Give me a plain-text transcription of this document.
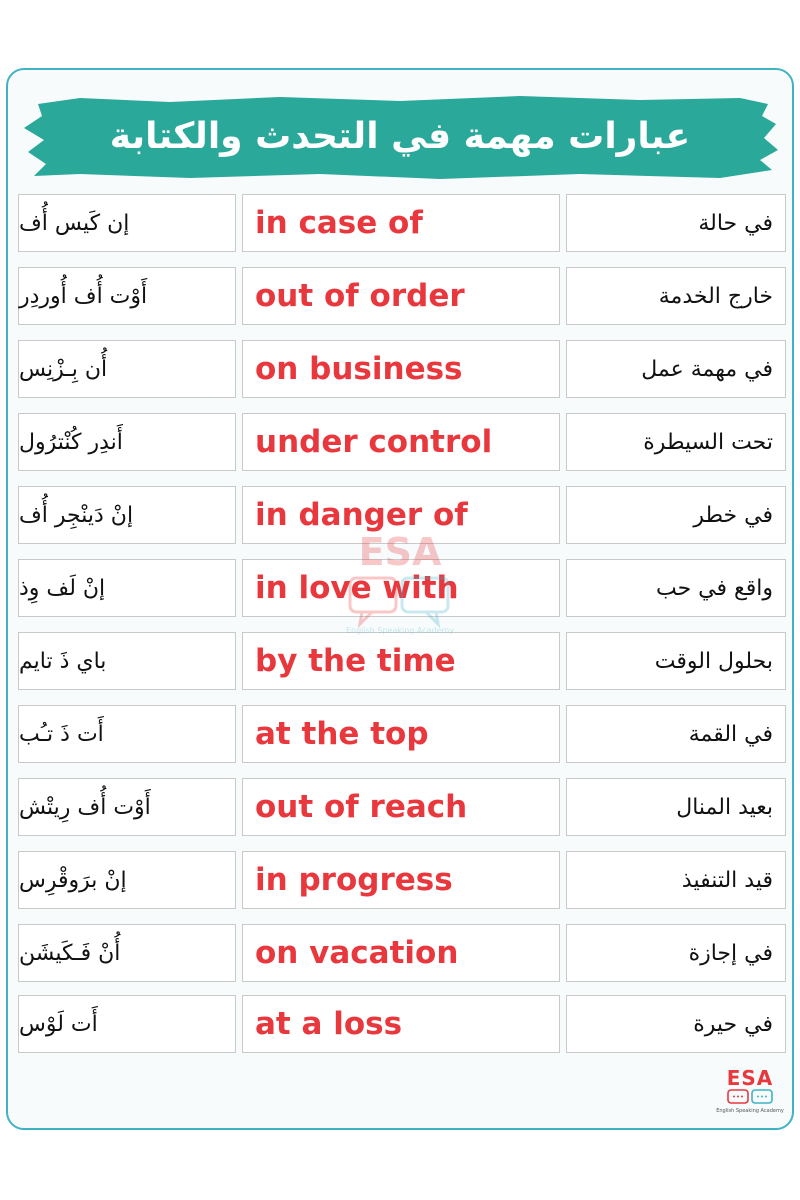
عبارات مهمة في التحدث والكتابة
إن كَيس أُف	in case of	في حالة
أَوْت أُف أُوردِر	out of order	خارج الخدمة
أُن بِـزْنِس	on business	في مهمة عمل
أَندِر كُنْترُول	under control	تحت السيطرة
إنْ دَينْجِر أُف	in danger of	في خطر
إنْ لَف وِذ	in love with	واقع في حب
باي ذَ تايم	by the time	بحلول الوقت
أَت ذَ تـُب	at the top	في القمة
أَوْت أُف رِيتْش	out of reach	بعيد المنال
إنْ برَوقْرِس	in progress	قيد التنفيذ
أُنْ فَـكَيشَن	on vacation	في إجازة
أَت لَوْس	at a loss	في حيرة
ESA
English Speaking Academy
ESA
English Speaking Academy
